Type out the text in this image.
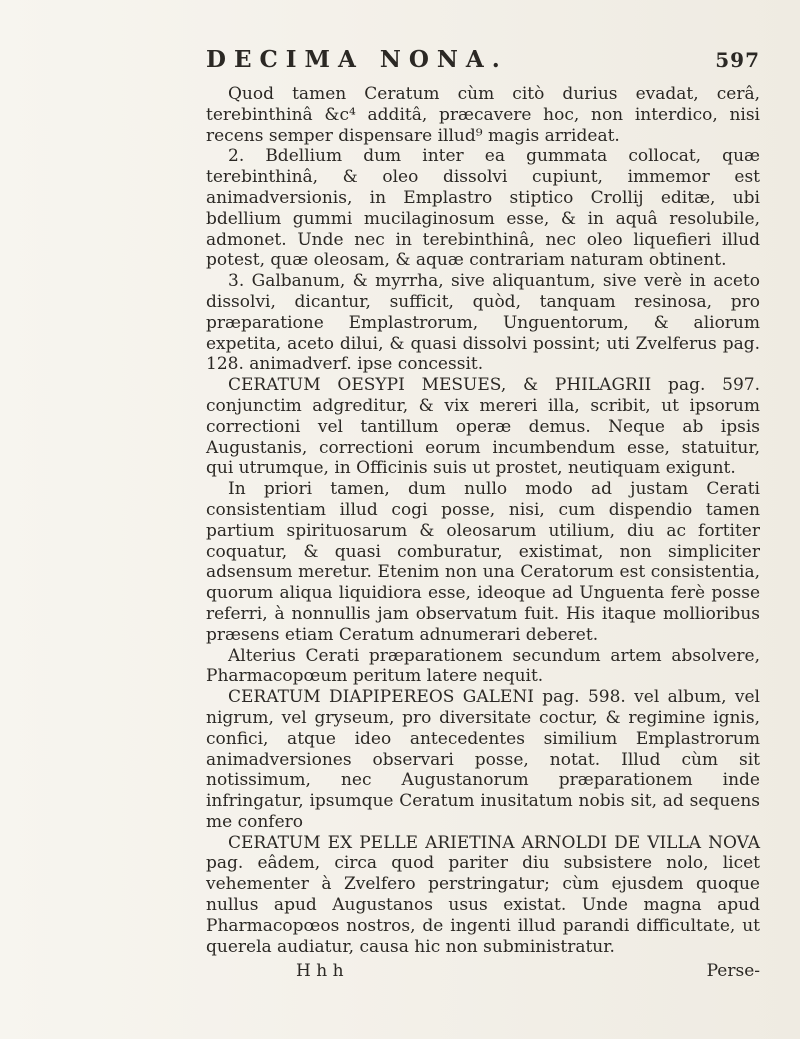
DECIMA NONA.	597

Quod tamen Ceratum cùm citò durius evadat, cerâ, terebinthinâ &c⁴ additâ, præcavere hoc, non interdico, nisi recens semper dispensare illud⁹ magis arrideat.

2. Bdellium dum inter ea gummata collocat, quæ terebinthinâ, & oleo dissolvi cupiunt, immemor est animadversionis, in Emplastro stiptico Crollij editæ, ubi bdellium gummi mucilaginosum esse, & in aquâ resolubile, admonet. Unde nec in terebinthinâ, nec oleo liquefieri illud potest, quæ oleosam, & aquæ contrariam naturam obtinent.

3. Galbanum, & myrrha, sive aliquantum, sive verè in aceto dissolvi, dicantur, sufficit, quòd, tanquam resinosa, pro præparatione Emplastrorum, Unguentorum, & aliorum expetita, aceto dilui, & quasi dissolvi possint; uti Zvelferus pag. 128. animadverf. ipse concessit.

CERATUM OESYPI MESUES, & PHILAGRII pag. 597. conjunctim adgreditur, & vix mereri illa, scribit, ut ipsorum correctioni vel tantillum operæ demus. Neque ab ipsis Augustanis, correctioni eorum incumbendum esse, statuitur, qui utrumque, in Officinis suis ut prostet, neutiquam exigunt.

In priori tamen, dum nullo modo ad justam Cerati consistentiam illud cogi posse, nisi, cum dispendio tamen partium spirituosarum & oleosarum utilium, diu ac fortiter coquatur, & quasi comburatur, existimat, non simpliciter adsensum meretur. Etenim non una Ceratorum est consistentia, quorum aliqua liquidiora esse, ideoque ad Unguenta ferè posse referri, à nonnullis jam observatum fuit. His itaque mollioribus præsens etiam Ceratum adnumerari deberet.

Alterius Cerati præparationem secundum artem absolvere, Pharmacopœum peritum latere nequit.

CERATUM DIAPIPEREOS GALENI pag. 598. vel album, vel nigrum, vel gryseum, pro diversitate coctur, & regimine ignis, confici, atque ideo antecedentes similium Emplastrorum animadversiones observari posse, notat. Illud cùm sit notissimum, nec Augustanorum præparationem inde infringatur, ipsumque Ceratum inusitatum nobis sit, ad sequens me confero

CERATUM EX PELLE ARIETINA ARNOLDI DE VILLA NOVA pag. eâdem, circa quod pariter diu subsistere nolo, licet vehementer à Zvelfero perstringatur; cùm ejusdem quoque nullus apud Augustanos usus existat. Unde magna apud Pharmacopœos nostros, de ingenti illud parandi difficultate, ut querela audiatur, causa hic non subministratur.

H h h	Perse-
